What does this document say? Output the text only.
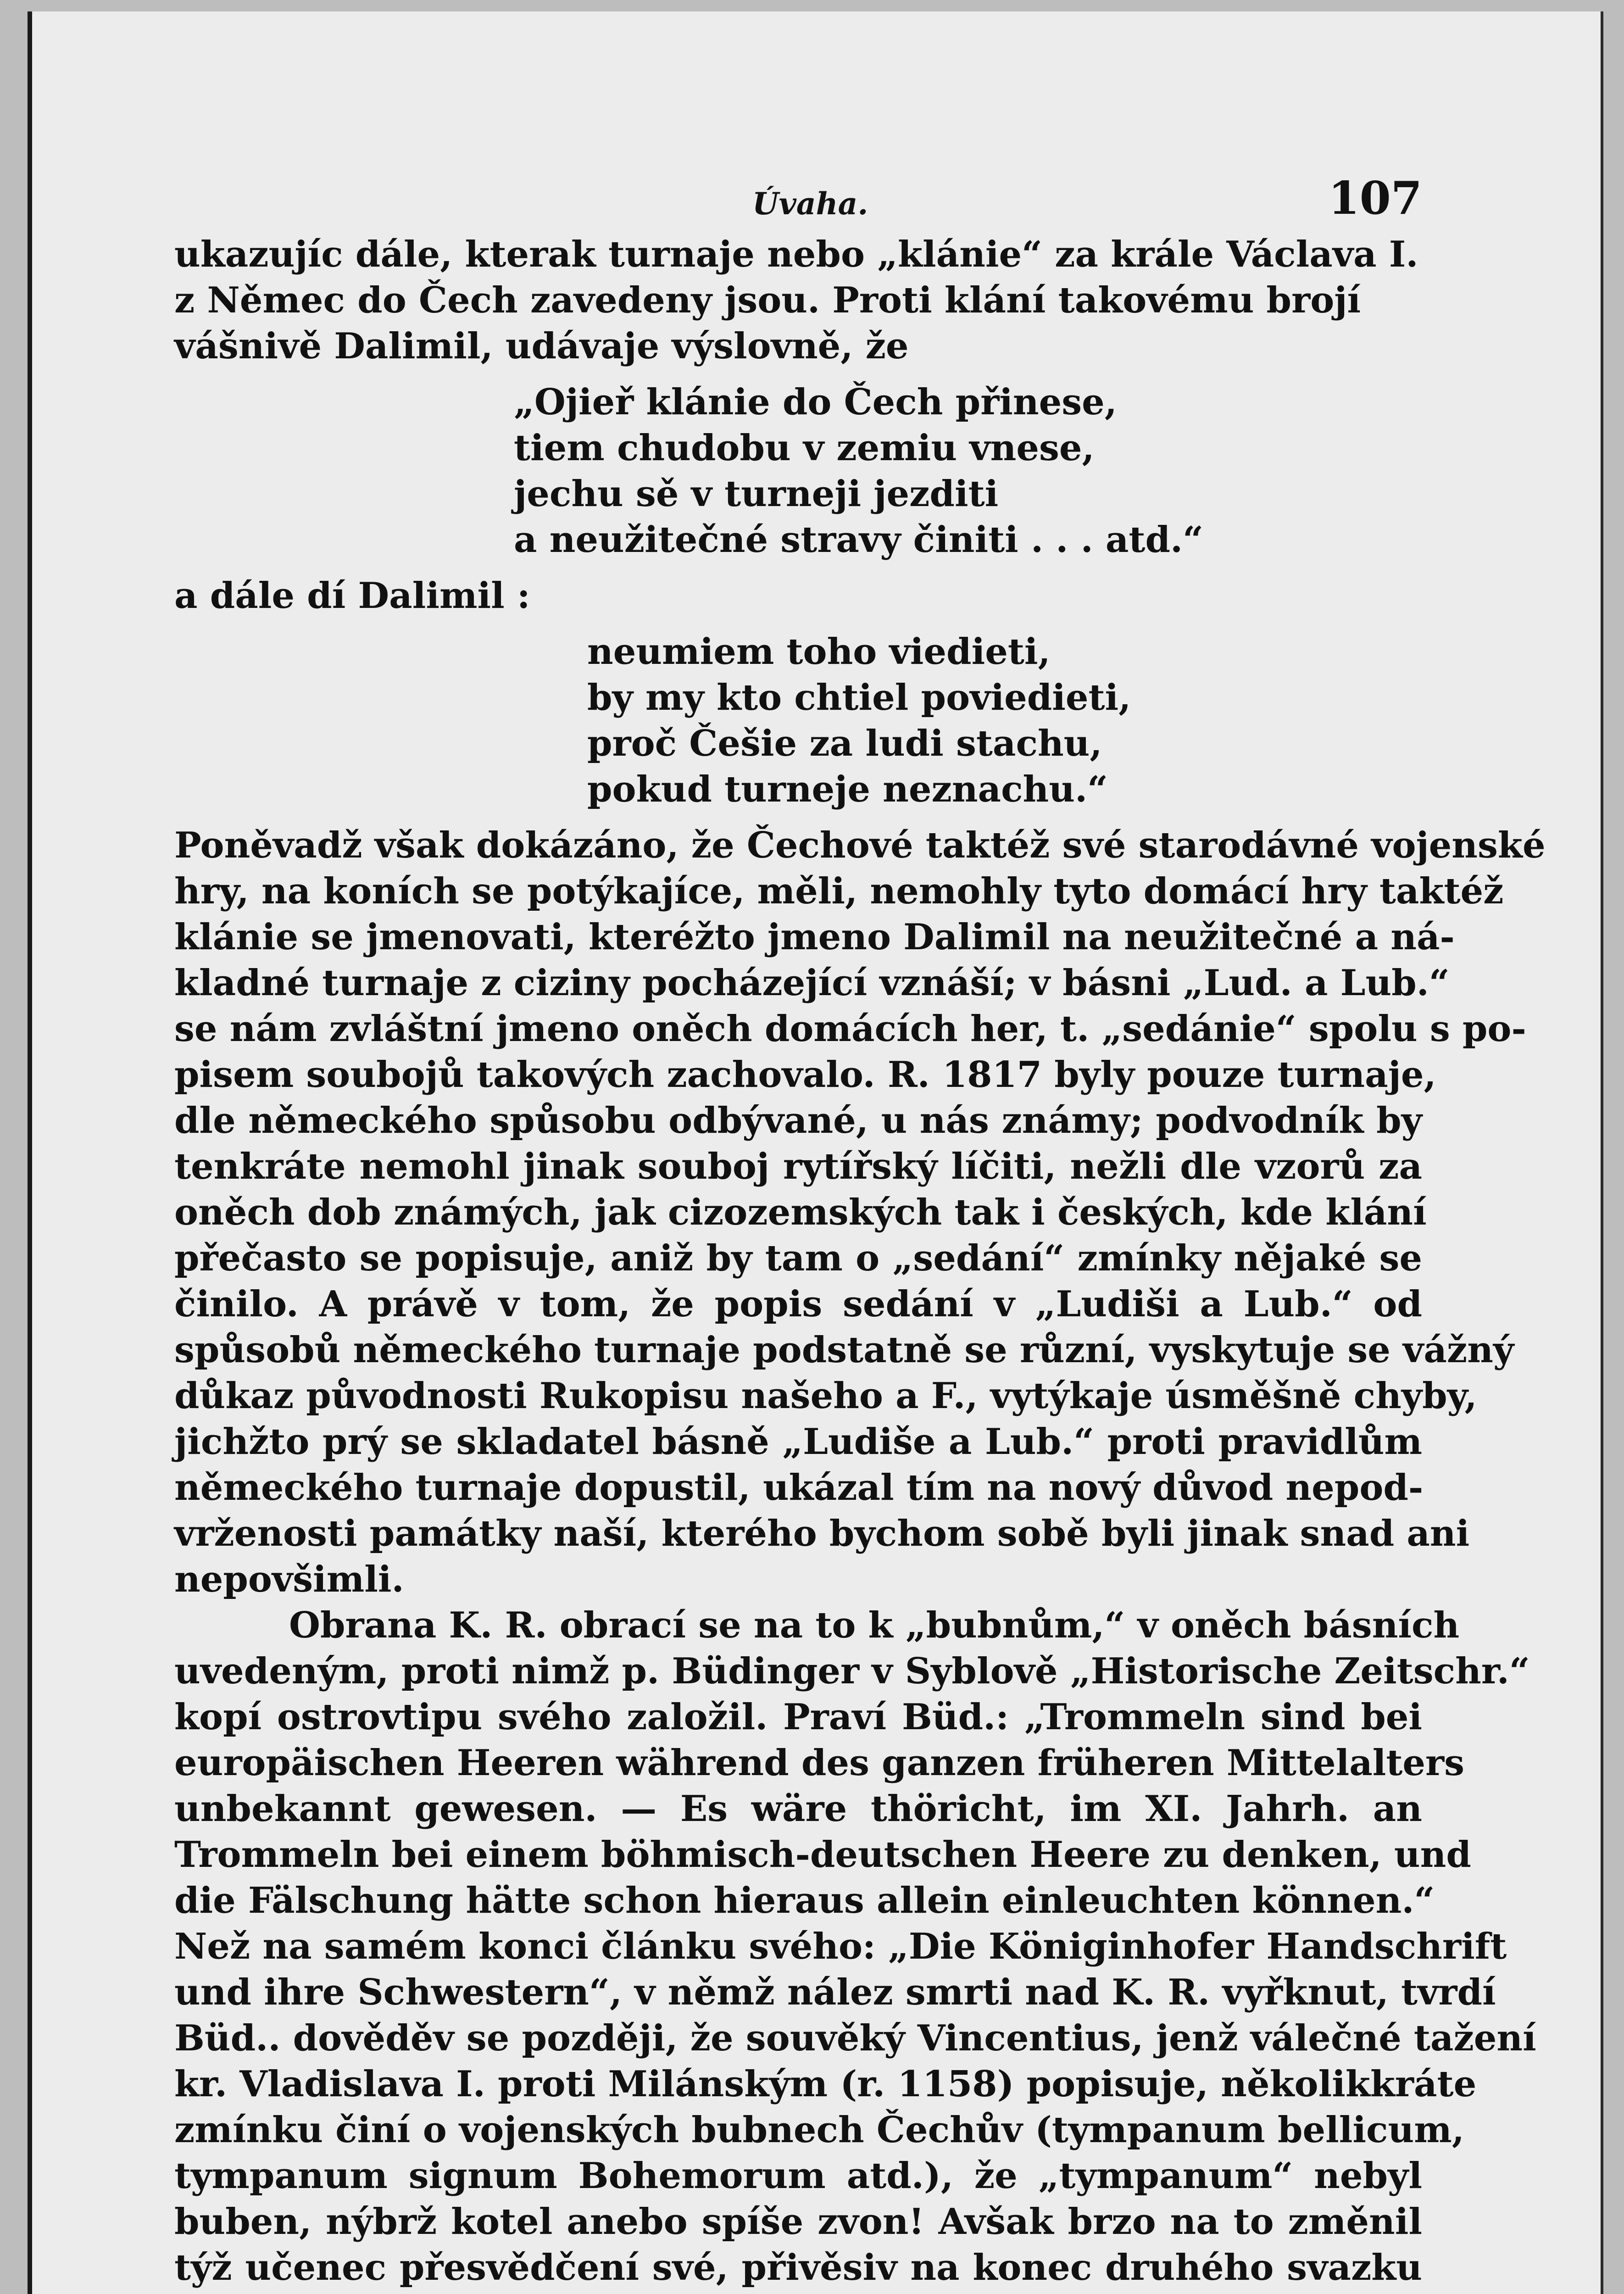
Úvaha.	107
ukazujíc dále, kterak turnaje nebo „klánie“ za krále Václava I.
z Němec do Čech zavedeny jsou. Proti klání takovému brojí
vášnivě Dalimil, udávaje výslovně, že
„Ojieř klánie do Čech přinese,
tiem chudobu v zemiu vnese,
jechu sě v turneji jezditi
a neužitečné stravy činiti . . . atd.“
a dále dí Dalimil :
neumiem toho viedieti,
by my kto chtiel poviedieti,
proč Češie za ludi stachu,
pokud turneje neznachu.“
Poněvadž však dokázáno, že Čechové taktéž své starodávné vojenské
hry, na koních se potýkajíce, měli, nemohly tyto domácí hry taktéž
klánie se jmenovati, kteréžto jmeno Dalimil na neužitečné a ná-
kladné turnaje z ciziny pocházející vznáší; v básni „Lud. a Lub.“
se nám zvláštní jmeno oněch domácích her, t. „sedánie“ spolu s po-
pisem soubojů takových zachovalo. R. 1817 byly pouze turnaje,
dle německého spůsobu odbývané, u nás známy; podvodník by
tenkráte nemohl jinak souboj rytířský líčiti, nežli dle vzorů za
oněch dob známých, jak cizozemských tak i českých, kde klání
přečasto se popisuje, aniž by tam o „sedání“ zmínky nějaké se
činilo. A právě v tom, že popis sedání v „Ludiši a Lub.“ od
spůsobů německého turnaje podstatně se různí, vyskytuje se vážný
důkaz původnosti Rukopisu našeho a F., vytýkaje úsměšně chyby,
jichžto prý se skladatel básně „Ludiše a Lub.“ proti pravidlům
německého turnaje dopustil, ukázal tím na nový důvod nepod-
vrženosti památky naší, kterého bychom sobě byli jinak snad ani
nepovšimli.
Obrana K. R. obrací se na to k „bubnům,“ v oněch básních
uvedeným, proti nimž p. Büdinger v Syblově „Historische Zeitschr.“
kopí ostrovtipu svého založil. Praví Büd.: „Trommeln sind bei
europäischen Heeren während des ganzen früheren Mittelalters
unbekannt gewesen. — Es wäre thöricht, im XI. Jahrh. an
Trommeln bei einem böhmisch-deutschen Heere zu denken, und
die Fälschung hätte schon hieraus allein einleuchten können.“
Než na samém konci článku svého: „Die Königinhofer Handschrift
und ihre Schwestern“, v němž nález smrti nad K. R. vyřknut, tvrdí
Büd.. dověděv se později, že souvěký Vincentius, jenž válečné tažení
kr. Vladislava I. proti Milánským (r. 1158) popisuje, několikkráte
zmínku činí o vojenských bubnech Čechův (tympanum bellicum,
tympanum signum Bohemorum atd.), že „tympanum“ nebyl
buben, nýbrž kotel anebo spíše zvon! Avšak brzo na to změnil
týž učenec přesvědčení své, přivěsiv na konec druhého svazku
